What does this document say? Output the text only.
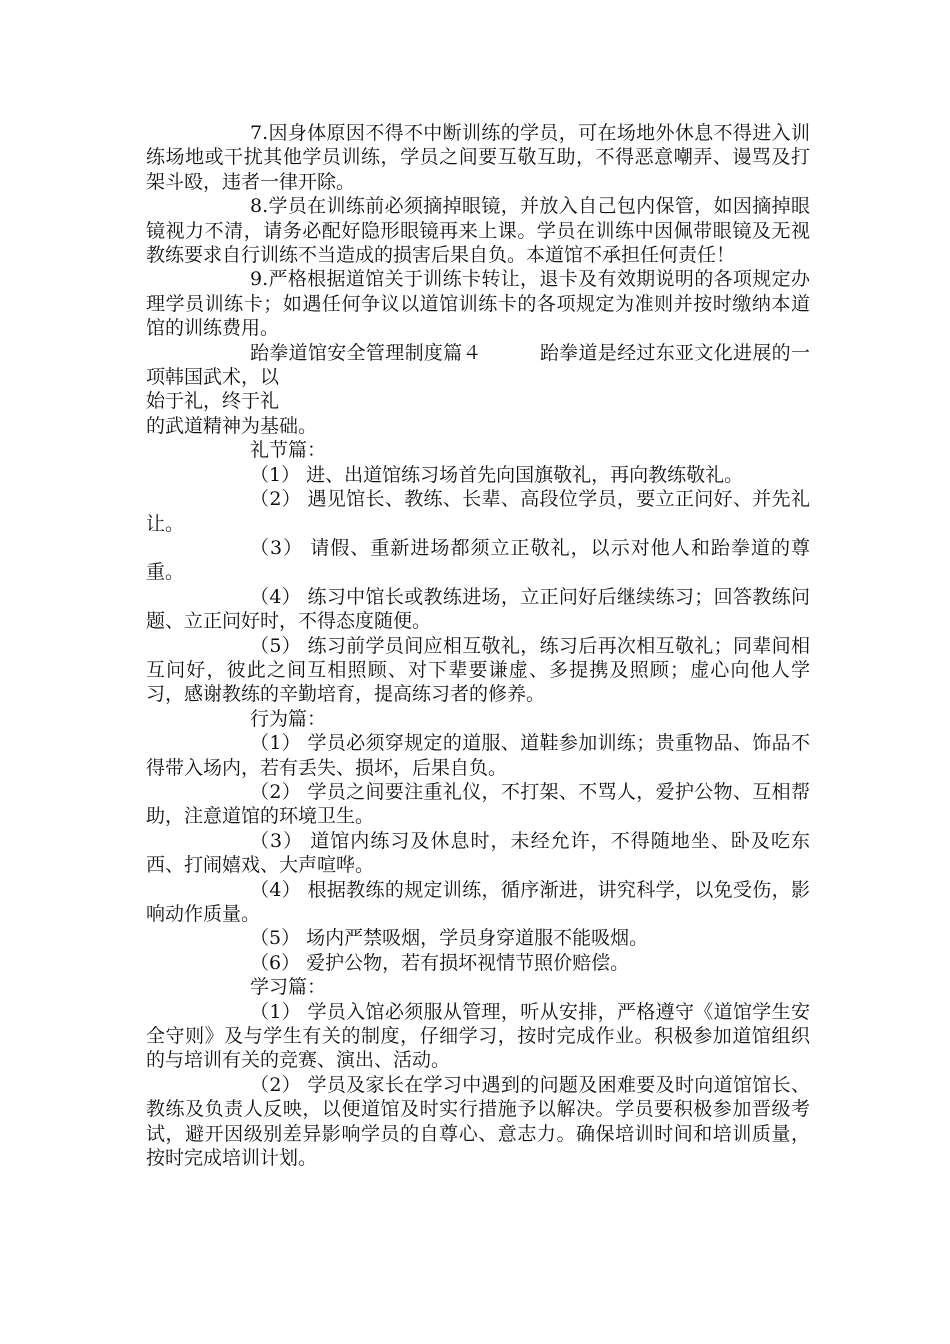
7.因身体原因不得不中断训练的学员，可在场地外休息不得进入训练场地或干扰其他学员训练，学员之间要互敬互助，不得恶意嘲弄、谩骂及打架斗殴，违者一律开除。

8.学员在训练前必须摘掉眼镜，并放入自己包内保管，如因摘掉眼镜视力不清，请务必配好隐形眼镜再来上课。学员在训练中因佩带眼镜及无视教练要求自行训练不当造成的损害后果自负。本道馆不承担任何责任！

9.严格根据道馆关于训练卡转让，退卡及有效期说明的各项规定办理学员训练卡；如遇任何争议以道馆训练卡的各项规定为准则并按时缴纳本道馆的训练费用。

跆拳道馆安全管理制度篇４　　　跆拳道是经过东亚文化进展的一项韩国武术，以

始于礼，终于礼

的武道精神为基础。

礼节篇：

（1） 进、出道馆练习场首先向国旗敬礼，再向教练敬礼。

（2） 遇见馆长、教练、长辈、高段位学员，要立正问好、并先礼让。

（3） 请假、重新进场都须立正敬礼，以示对他人和跆拳道的尊重。

（4） 练习中馆长或教练进场，立正问好后继续练习；回答教练问题、立正问好时，不得态度随便。

（5） 练习前学员间应相互敬礼，练习后再次相互敬礼；同辈间相互问好，彼此之间互相照顾、对下辈要谦虚、多提携及照顾；虚心向他人学习，感谢教练的辛勤培育，提高练习者的修养。

行为篇：

（1） 学员必须穿规定的道服、道鞋参加训练；贵重物品、饰品不得带入场内，若有丢失、损坏，后果自负。

（2） 学员之间要注重礼仪，不打架、不骂人，爱护公物、互相帮助，注意道馆的环境卫生。

（3） 道馆内练习及休息时，未经允许，不得随地坐、卧及吃东西、打闹嬉戏、大声喧哗。

（4） 根据教练的规定训练，循序渐进，讲究科学，以免受伤，影响动作质量。

（5） 场内严禁吸烟，学员身穿道服不能吸烟。

（6） 爱护公物，若有损坏视情节照价赔偿。

学习篇：

（1） 学员入馆必须服从管理，听从安排，严格遵守《道馆学生安全守则》及与学生有关的制度，仔细学习，按时完成作业。积极参加道馆组织的与培训有关的竞赛、演出、活动。

（2） 学员及家长在学习中遇到的问题及困难要及时向道馆馆长、教练及负责人反映，以便道馆及时实行措施予以解决。学员要积极参加晋级考试，避开因级别差异影响学员的自尊心、意志力。确保培训时间和培训质量，按时完成培训计划。
